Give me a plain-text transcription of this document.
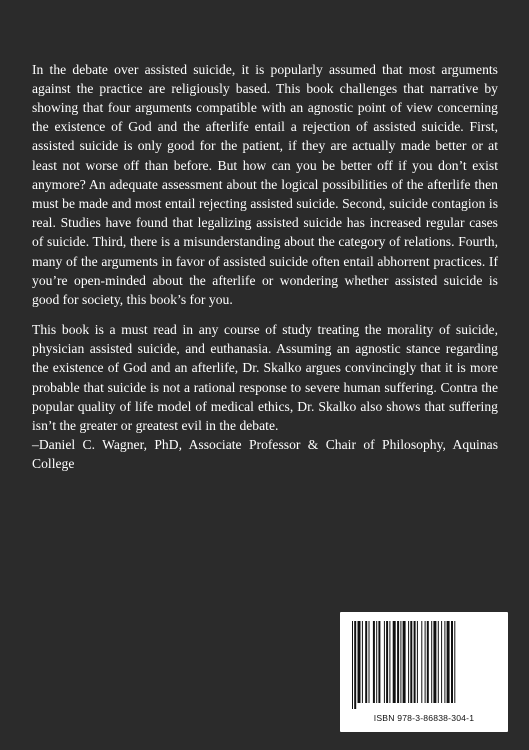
In the debate over assisted suicide, it is popularly assumed that most arguments against the practice are religiously based. This book challenges that narrative by showing that four arguments compatible with an agnostic point of view concerning the existence of God and the afterlife entail a rejection of assisted suicide. First, assisted suicide is only good for the patient, if they are actually made better or at least not worse off than before. But how can you be better off if you don’t exist anymore? An adequate assessment about the logical possibilities of the afterlife then must be made and most entail rejecting assisted suicide. Second, suicide contagion is real. Studies have found that legalizing assisted suicide has increased regular cases of suicide. Third, there is a misunderstanding about the category of relations. Fourth, many of the arguments in favor of assisted suicide often entail abhorrent practices. If you’re open-minded about the afterlife or wondering whether assisted suicide is good for society, this book’s for you.

This book is a must read in any course of study treating the morality of suicide, physician assisted suicide, and euthanasia. Assuming an agnostic stance regarding the existence of God and an afterlife, Dr. Skalko argues convincingly that it is more probable that suicide is not a rational response to severe human suffering. Contra the popular quality of life model of medical ethics, Dr. Skalko also shows that suffering isn’t the greater or greatest evil in the debate.
–Daniel C. Wagner, PhD, Associate Professor & Chair of Philosophy, Aquinas College
ISBN 978-3-86838-304-1
